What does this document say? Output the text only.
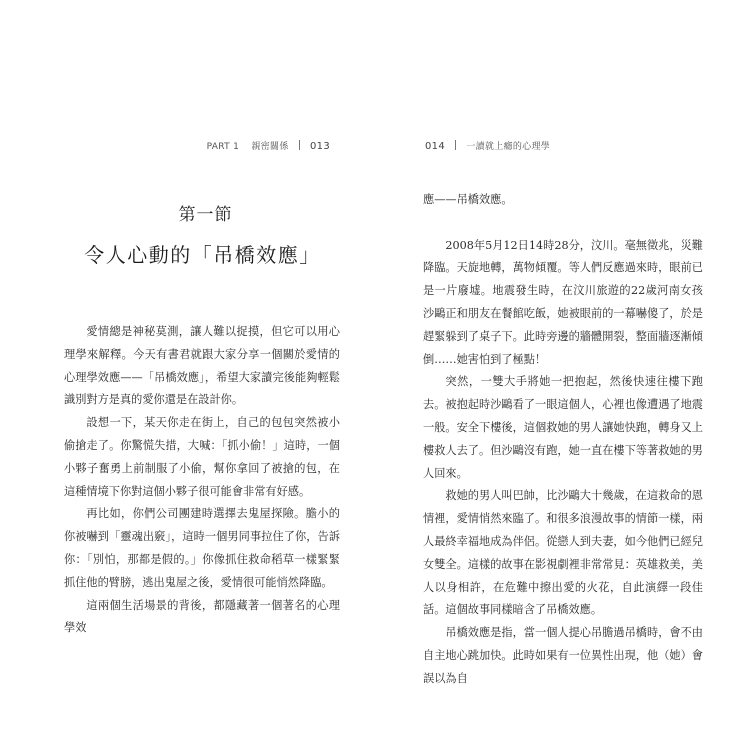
PART 1 親密關係 013
第一節
令人心動的「吊橋效應」

愛情總是神秘莫測，讓人難以捉摸，但它可以用心理學來解釋。今天有書君就跟大家分享一個關於愛情的心理學效應——「吊橋效應」，希望大家讀完後能夠輕鬆識別對方是真的愛你還是在設計你。

設想一下，某天你走在街上，自己的包包突然被小偷搶走了。你驚慌失措，大喊：「抓小偷！」這時，一個小夥子奮勇上前制服了小偷，幫你拿回了被搶的包，在這種情境下你對這個小夥子很可能會非常有好感。

再比如，你們公司團建時選擇去鬼屋探險。膽小的你被嚇到「靈魂出竅」，這時一個男同事拉住了你，告訴你：「別怕，那都是假的。」你像抓住救命稻草一樣緊緊抓住他的臂膀，逃出鬼屋之後，愛情很可能悄然降臨。

這兩個生活場景的背後，都隱藏著一個著名的心理學效

014 一讀就上癮的心理學

應——吊橋效應。

2008年5月12日14時28分，汶川。毫無徵兆，災難降臨。天旋地轉，萬物傾覆。等人們反應過來時，眼前已是一片廢墟。地震發生時，在汶川旅遊的22歲河南女孩沙鷗正和朋友在餐館吃飯，她被眼前的一幕嚇傻了，於是趕緊躲到了桌子下。此時旁邊的牆體開裂，整面牆逐漸傾倒……她害怕到了極點！

突然，一雙大手將她一把抱起，然後快速往樓下跑去。被抱起時沙鷗看了一眼這個人，心裡也像遭遇了地震一般。安全下樓後，這個救她的男人讓她快跑，轉身又上樓救人去了。但沙鷗沒有跑，她一直在樓下等著救她的男人回來。

救她的男人叫巴帥，比沙鷗大十幾歲，在這救命的恩情裡，愛情悄然來臨了。和很多浪漫故事的情節一樣，兩人最終幸福地成為伴侶。從戀人到夫妻，如今他們已經兒女雙全。這樣的故事在影視劇裡非常常見：英雄救美，美人以身相許，在危難中擦出愛的火花，自此演繹一段佳話。這個故事同樣暗含了吊橋效應。

吊橋效應是指，當一個人提心吊膽過吊橋時，會不由自主地心跳加快。此時如果有一位異性出現，他（她）會誤以為自
